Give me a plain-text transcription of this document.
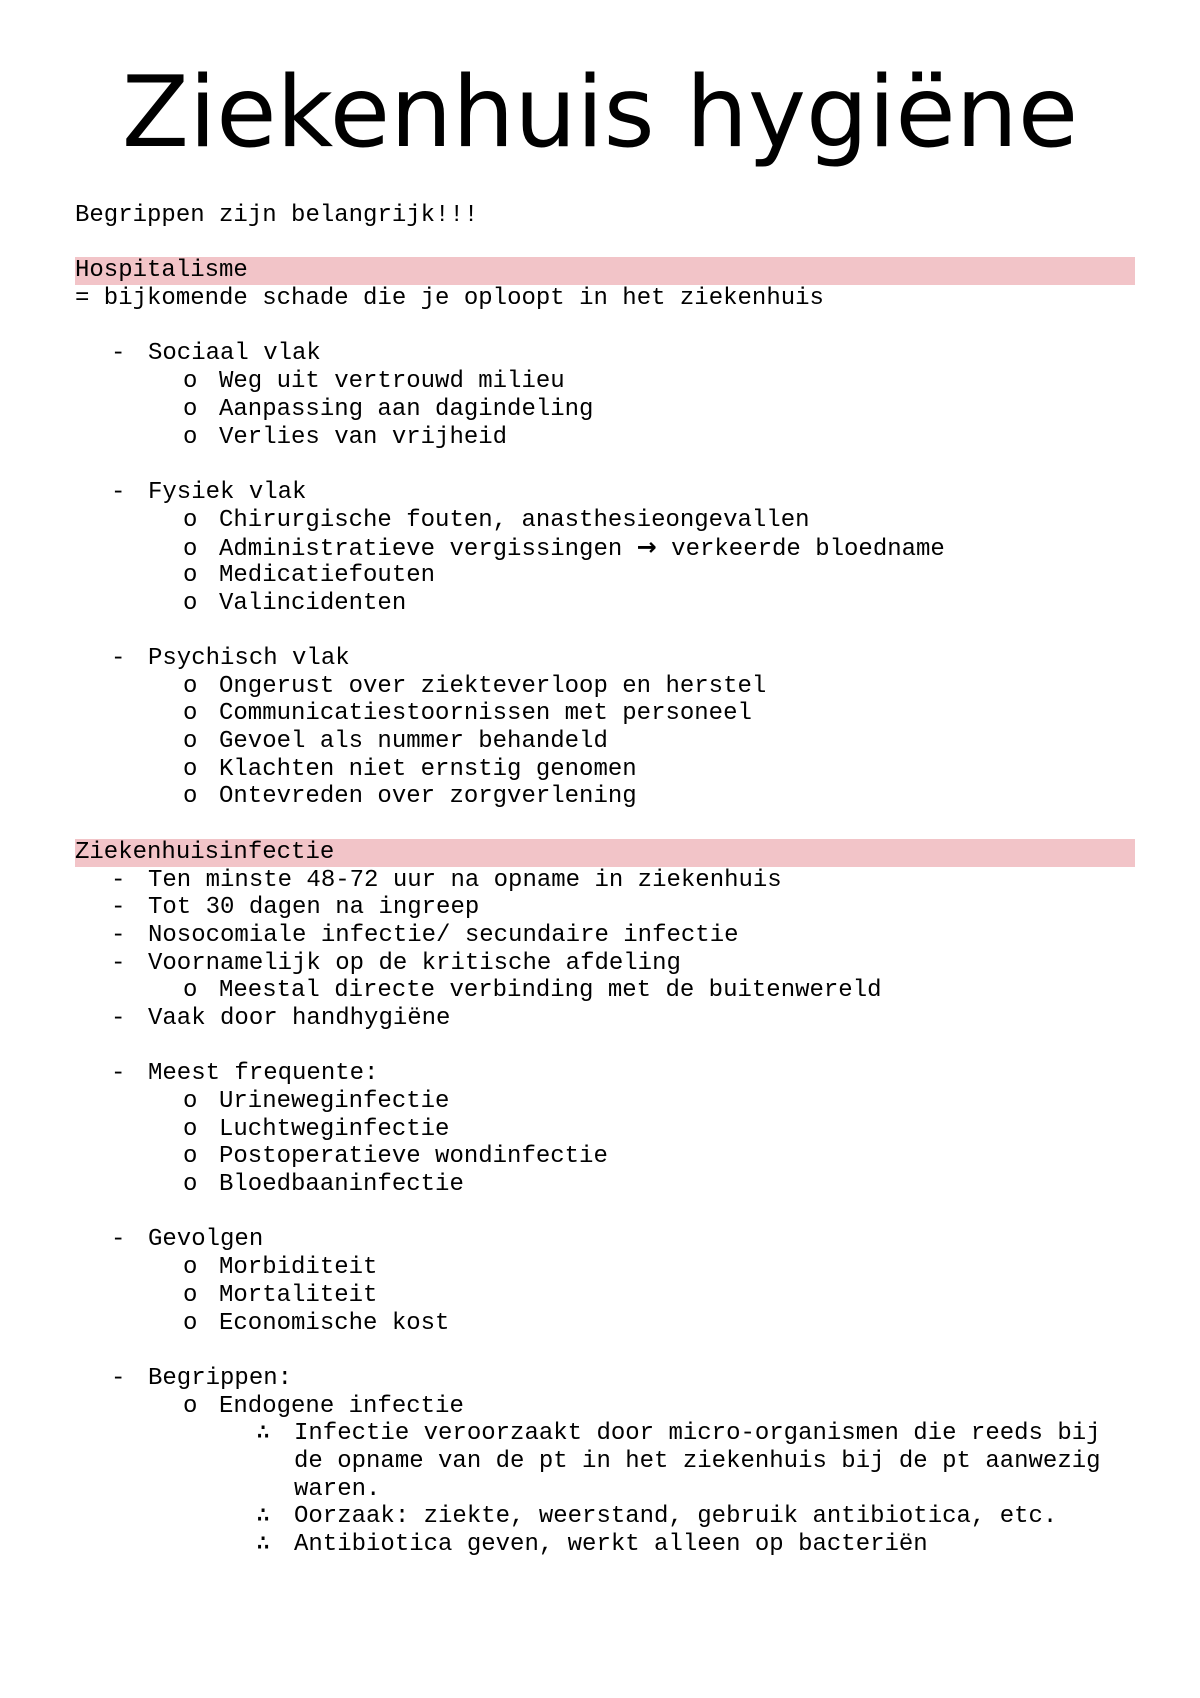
Ziekenhuis hygiëne
Begrippen zijn belangrijk!!!
Hospitalisme
= bijkomende schade die je oploopt in het ziekenhuis
- Sociaal vlak
o Weg uit vertrouwd milieu
o Aanpassing aan dagindeling
o Verlies van vrijheid
- Fysiek vlak
o Chirurgische fouten, anasthesieongevallen
o Administratieve vergissingen → verkeerde bloedname
o Medicatiefouten
o Valincidenten
- Psychisch vlak
o Ongerust over ziekteverloop en herstel
o Communicatiestoornissen met personeel
o Gevoel als nummer behandeld
o Klachten niet ernstig genomen
o Ontevreden over zorgverlening
Ziekenhuisinfectie
- Ten minste 48-72 uur na opname in ziekenhuis
- Tot 30 dagen na ingreep
- Nosocomiale infectie/ secundaire infectie
- Voornamelijk op de kritische afdeling
o Meestal directe verbinding met de buitenwereld
- Vaak door handhygiëne
- Meest frequente:
o Urineweginfectie
o Luchtweginfectie
o Postoperatieve wondinfectie
o Bloedbaaninfectie
- Gevolgen
o Morbiditeit
o Mortaliteit
o Economische kost
- Begrippen:
o Endogene infectie
∴ Infectie veroorzaakt door micro-organismen die reeds bij
de opname van de pt in het ziekenhuis bij de pt aanwezig
waren.
∴ Oorzaak: ziekte, weerstand, gebruik antibiotica, etc.
∴ Antibiotica geven, werkt alleen op bacteriën
